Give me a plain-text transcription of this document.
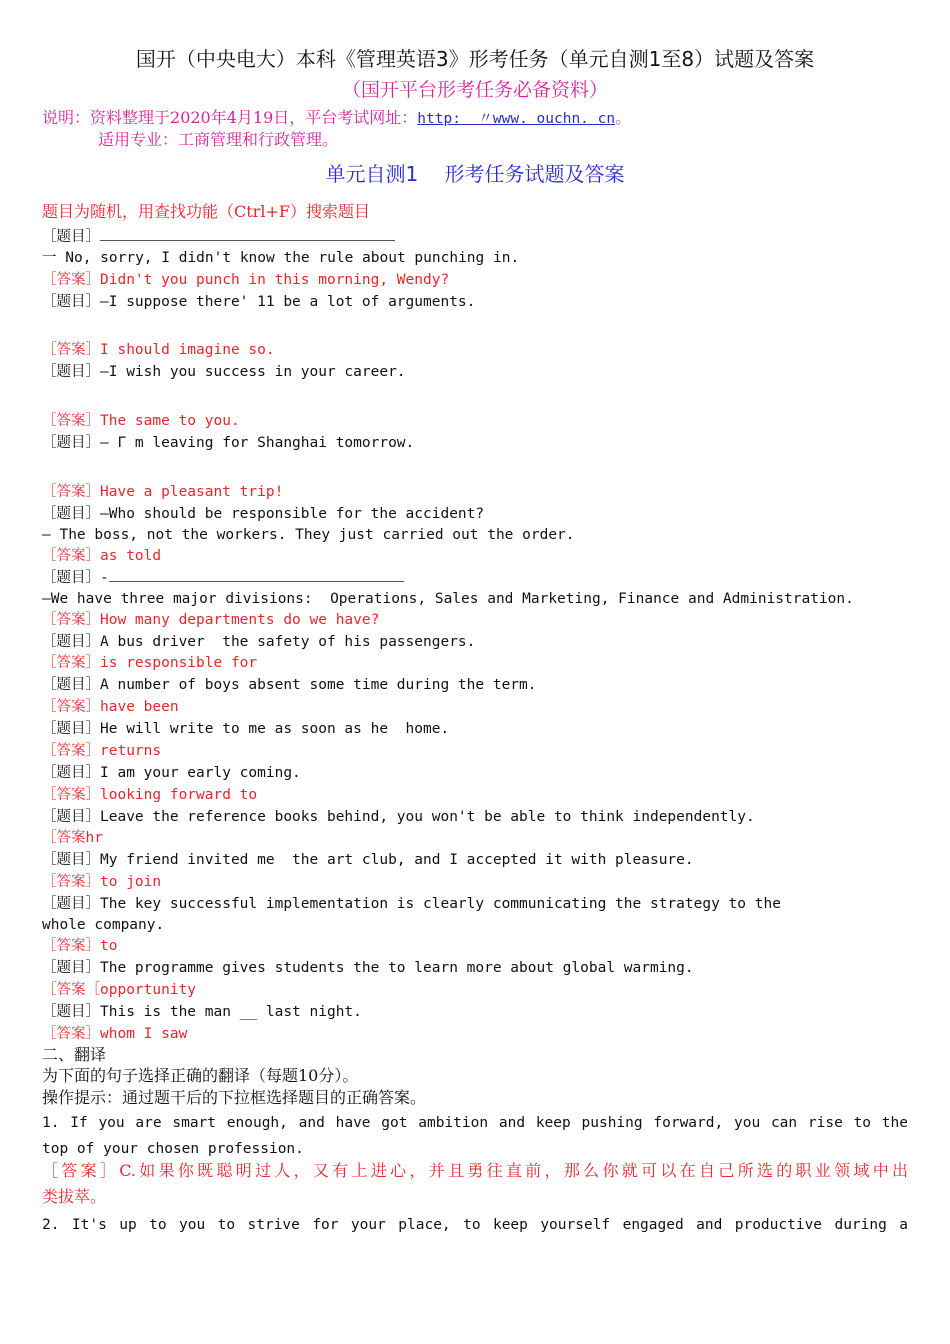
国开（中央电大）本科《管理英语3》形考任务（单元自测1至8）试题及答案
（国开平台形考任务必备资料）
说明：资料整理于2020年4月19日，平台考试网址：http:  〃www. ouchn. cn。
适用专业：工商管理和行政管理。
单元自测1　 形考任务试题及答案
题目为随机，用查找功能（Ctrl+F）搜索题目
［题目］
一 No, sorry, I didn't know the rule about punching in.
［答案］Didn't you punch in this morning, Wendy?
［题目］—I suppose there' 11 be a lot of arguments.
［答案］I should imagine so.
［题目］—I wish you success in your career.
［答案］The same to you.
［题目］— Γ m leaving for Shanghai tomorrow.
［答案］Have a pleasant trip!
［题目］—Who should be responsible for the accident?
— The boss, not the workers. They just carried out the order.
［答案］as told
［题目］-
—We have three major divisions:  Operations, Sales and Marketing, Finance and Administration.
［答案］How many departments do we have?
［题目］A bus driver  the safety of his passengers.
［答案］is responsible for
［题目］A number of boys absent some time during the term.
［答案］have been
［题目］He will write to me as soon as he  home.
［答案］returns
［题目］I am your early coming.
［答案］looking forward to
［题目］Leave the reference books behind, you won't be able to think independently.
［答案hr
［题目］My friend invited me  the art club, and I accepted it with pleasure.
［答案］to join
［题目］The key successful implementation is clearly communicating the strategy to the
whole company.
［答案］to
［题目］The programme gives students the to learn more about global warming.
［答案［opportunity
［题目］This is the man __ last night.
［答案］whom I saw
二、翻译
为下面的句子选择正确的翻译（每题10分）。
操作提示：通过题干后的下拉框选择题目的正确答案。
1. If you are smart enough, and have got ambition and keep pushing forward, you can rise to the
top of your chosen profession.
［答案］C.如果你既聪明过人，又有上进心，并且勇往直前，那么你就可以在自己所选的职业领域中出
类拔萃。
2. It's up to you to strive for your place, to keep yourself engaged and productive during a
